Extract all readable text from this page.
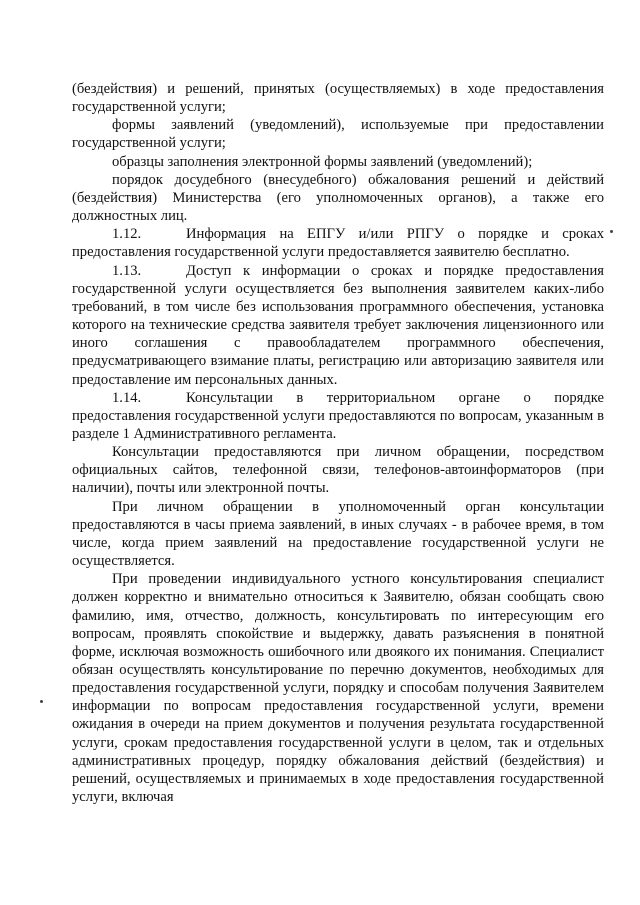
(бездействия) и решений, принятых (осуществляемых) в ходе предоставления государственной услуги;

формы заявлений (уведомлений), используемые при предоставлении государственной услуги;

образцы заполнения электронной формы заявлений (уведомлений);

порядок досудебного (внесудебного) обжалования решений и действий (бездействия) Министерства (его уполномоченных органов), а также его должностных лиц.

1.12.	Информация на ЕПГУ и/или РПГУ о порядке и сроках предоставления государственной услуги предоставляется заявителю бесплатно.

1.13.	Доступ к информации о сроках и порядке предоставления государственной услуги осуществляется без выполнения заявителем каких-либо требований, в том числе без использования программного обеспечения, установка которого на технические средства заявителя требует заключения лицензионного или иного соглашения с правообладателем программного обеспечения, предусматривающего взимание платы, регистрацию или авторизацию заявителя или предоставление им персональных данных.

1.14.	Консультации в территориальном органе о порядке предоставления государственной услуги предоставляются по вопросам, указанным в разделе 1 Административного регламента.

Консультации предоставляются при личном обращении, посредством официальных сайтов, телефонной связи, телефонов-автоинформаторов (при наличии), почты или электронной почты.

При личном обращении в уполномоченный орган консультации предоставляются в часы приема заявлений, в иных случаях - в рабочее время, в том числе, когда прием заявлений на предоставление государственной услуги не осуществляется.

При проведении индивидуального устного консультирования специалист должен корректно и внимательно относиться к Заявителю, обязан сообщать свою фамилию, имя, отчество, должность, консультировать по интересующим его вопросам, проявлять спокойствие и выдержку, давать разъяснения в понятной форме, исключая возможность ошибочного или двоякого их понимания. Специалист обязан осуществлять консультирование по перечню документов, необходимых для предоставления государственной услуги, порядку и способам получения Заявителем информации по вопросам предоставления государственной услуги, времени ожидания в очереди на прием документов и получения результата государственной услуги, срокам предоставления государственной услуги в целом, так и отдельных административных процедур, порядку обжалования действий (бездействия) и решений, осуществляемых и принимаемых в ходе предоставления государственной услуги, включая
